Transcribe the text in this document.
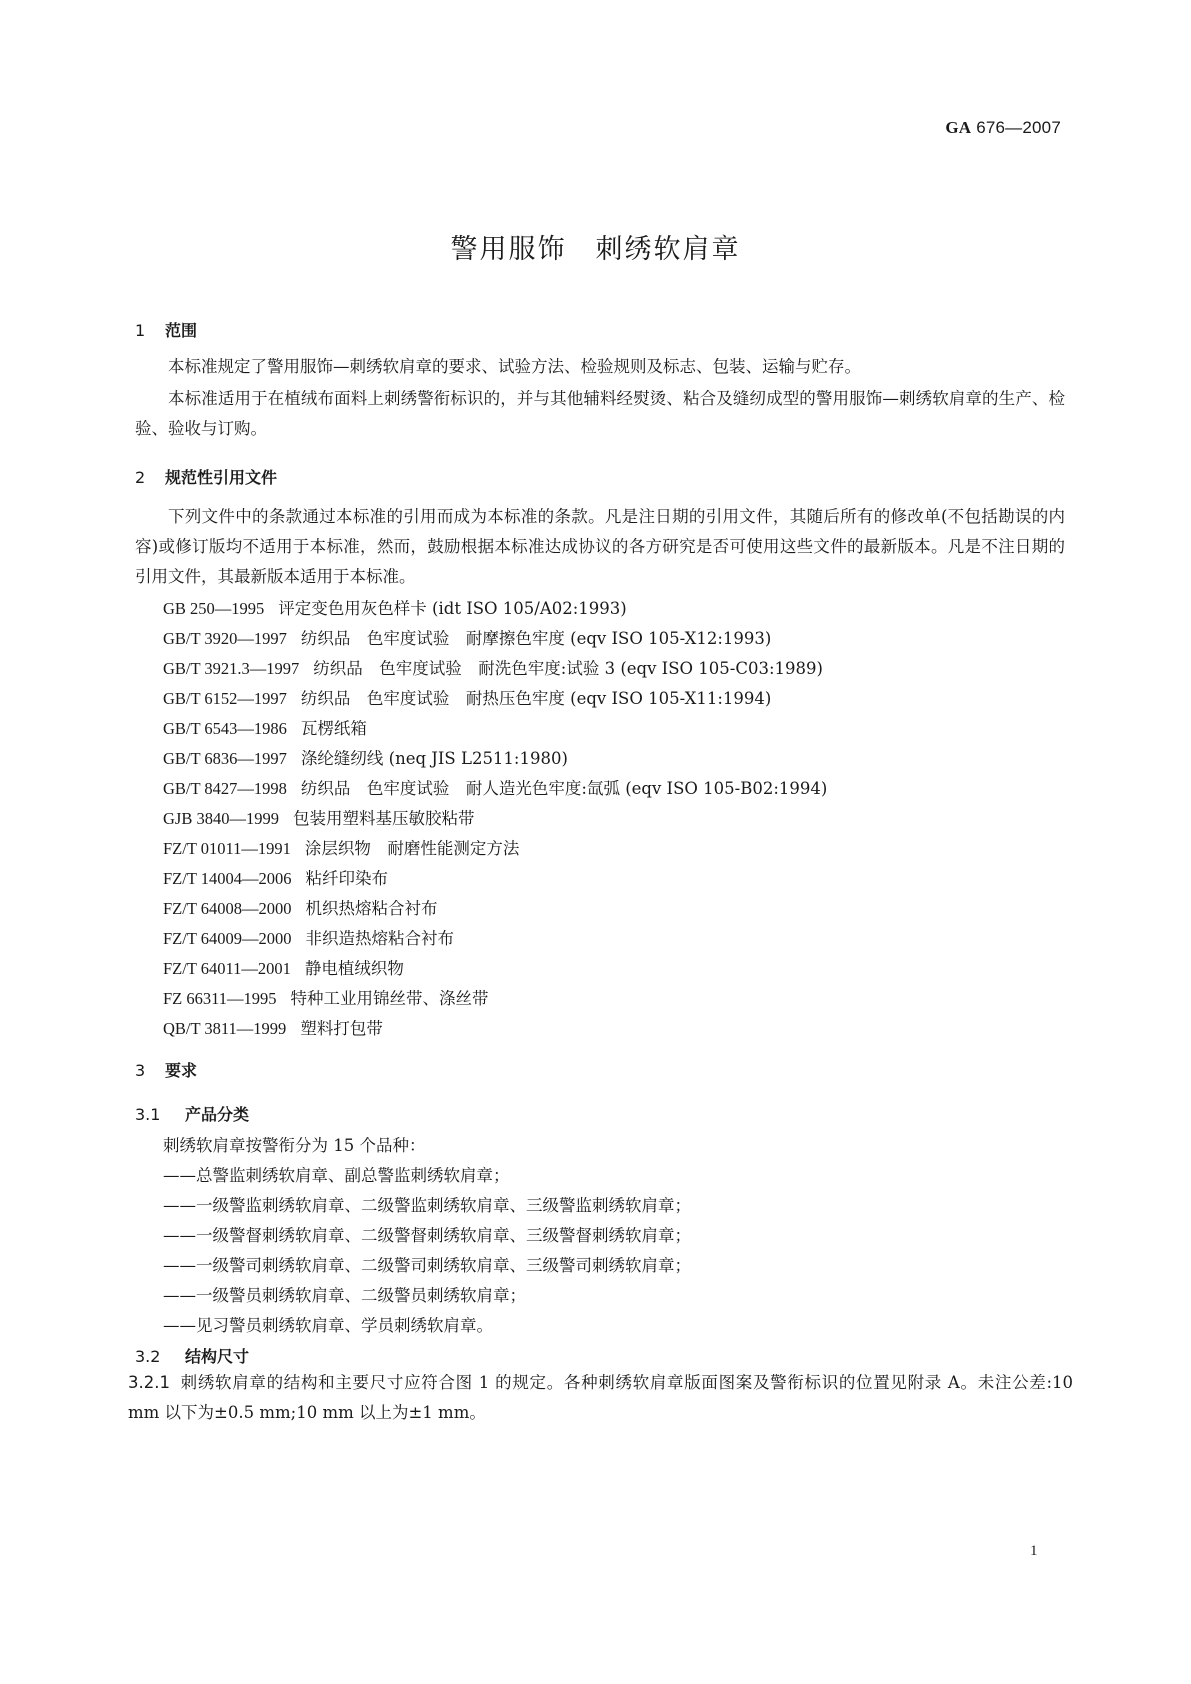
GA 676—2007
警用服饰　刺绣软肩章
1 范围
本标准规定了警用服饰—刺绣软肩章的要求、试验方法、检验规则及标志、包装、运输与贮存。
本标准适用于在植绒布面料上刺绣警衔标识的，并与其他辅料经熨烫、粘合及缝纫成型的警用服饰—刺绣软肩章的生产、检验、验收与订购。
2 规范性引用文件
下列文件中的条款通过本标准的引用而成为本标准的条款。凡是注日期的引用文件，其随后所有的修改单(不包括勘误的内容)或修订版均不适用于本标准，然而，鼓励根据本标准达成协议的各方研究是否可使用这些文件的最新版本。凡是不注日期的引用文件，其最新版本适用于本标准。
GB 250—1995 评定变色用灰色样卡 (idt ISO 105/A02:1993)
GB/T 3920—1997 纺织品　色牢度试验　耐摩擦色牢度 (eqv ISO 105-X12:1993)
GB/T 3921.3—1997 纺织品　色牢度试验　耐洗色牢度:试验 3 (eqv ISO 105-C03:1989)
GB/T 6152—1997 纺织品　色牢度试验　耐热压色牢度 (eqv ISO 105-X11:1994)
GB/T 6543—1986 瓦楞纸箱
GB/T 6836—1997 涤纶缝纫线 (neq JIS L2511:1980)
GB/T 8427—1998 纺织品　色牢度试验　耐人造光色牢度:氙弧 (eqv ISO 105-B02:1994)
GJB 3840—1999 包装用塑料基压敏胶粘带
FZ/T 01011—1991 涂层织物　耐磨性能测定方法
FZ/T 14004—2006 粘纤印染布
FZ/T 64008—2000 机织热熔粘合衬布
FZ/T 64009—2000 非织造热熔粘合衬布
FZ/T 64011—2001 静电植绒织物
FZ 66311—1995 特种工业用锦丝带、涤丝带
QB/T 3811—1999 塑料打包带
3 要求
3.1 产品分类
刺绣软肩章按警衔分为 15 个品种：
——总警监刺绣软肩章、副总警监刺绣软肩章；
——一级警监刺绣软肩章、二级警监刺绣软肩章、三级警监刺绣软肩章；
——一级警督刺绣软肩章、二级警督刺绣软肩章、三级警督刺绣软肩章；
——一级警司刺绣软肩章、二级警司刺绣软肩章、三级警司刺绣软肩章；
——一级警员刺绣软肩章、二级警员刺绣软肩章；
——见习警员刺绣软肩章、学员刺绣软肩章。
3.2 结构尺寸
3.2.1 刺绣软肩章的结构和主要尺寸应符合图 1 的规定。各种刺绣软肩章版面图案及警衔标识的位置见附录 A。未注公差:10 mm 以下为±0.5 mm;10 mm 以上为±1 mm。
1
